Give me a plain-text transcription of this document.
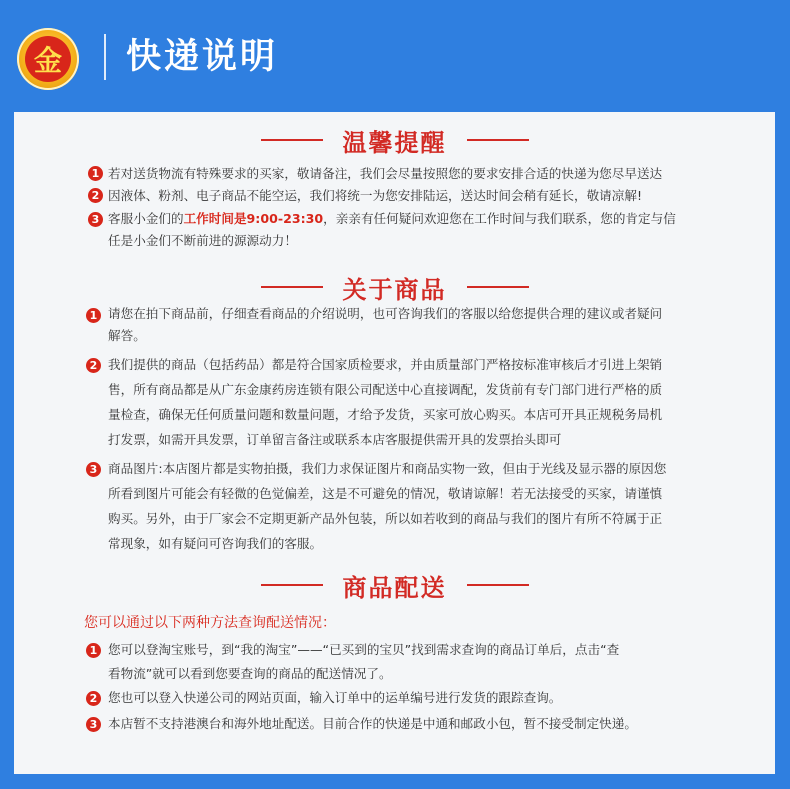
金 快递说明
温馨提醒
1 若对送货物流有特殊要求的买家，敬请备注，我们会尽量按照您的要求安排合适的快递为您尽早送达
2 因液体、粉剂、电子商品不能空运，我们将统一为您安排陆运，送达时间会稍有延长，敬请凉解!
3 客服小金们的工作时间是9:00-23:30，亲亲有任何疑问欢迎您在工作时间与我们联系，您的肯定与信
任是小金们不断前进的源源动力！
关于商品
1 请您在拍下商品前，仔细查看商品的介绍说明，也可咨询我们的客服以给您提供合理的建议或者疑问
解答。
2 我们提供的商品（包括药品）都是符合国家质检要求，并由质量部门严格按标准审核后才引进上架销
售，所有商品都是从广东金康药房连锁有限公司配送中心直接调配，发货前有专门部门进行严格的质
量检查，确保无任何质量问题和数量问题，才给予发货，买家可放心购买。本店可开具正规税务局机
打发票，如需开具发票，订单留言备注或联系本店客服提供需开具的发票抬头即可
3 商品图片:本店图片都是实物拍摄，我们力求保证图片和商品实物一致，但由于光线及显示器的原因您
所看到图片可能会有轻微的色觉偏差，这是不可避免的情况，敬请谅解！若无法接受的买家，请谨慎
购买。另外，由于厂家会不定期更新产品外包装，所以如若收到的商品与我们的图片有所不符属于正
常现象，如有疑问可咨询我们的客服。
商品配送
您可以通过以下两种方法查询配送情况：
1 您可以登淘宝账号，到“我的淘宝”——“已买到的宝贝”找到需求查询的商品订单后，点击“查
看物流”就可以看到您要查询的商品的配送情况了。
2 您也可以登入快递公司的网站页面，输入订单中的运单编号进行发货的跟踪查询。
3 本店暂不支持港澳台和海外地址配送。目前合作的快递是中通和邮政小包，暂不接受制定快递。
